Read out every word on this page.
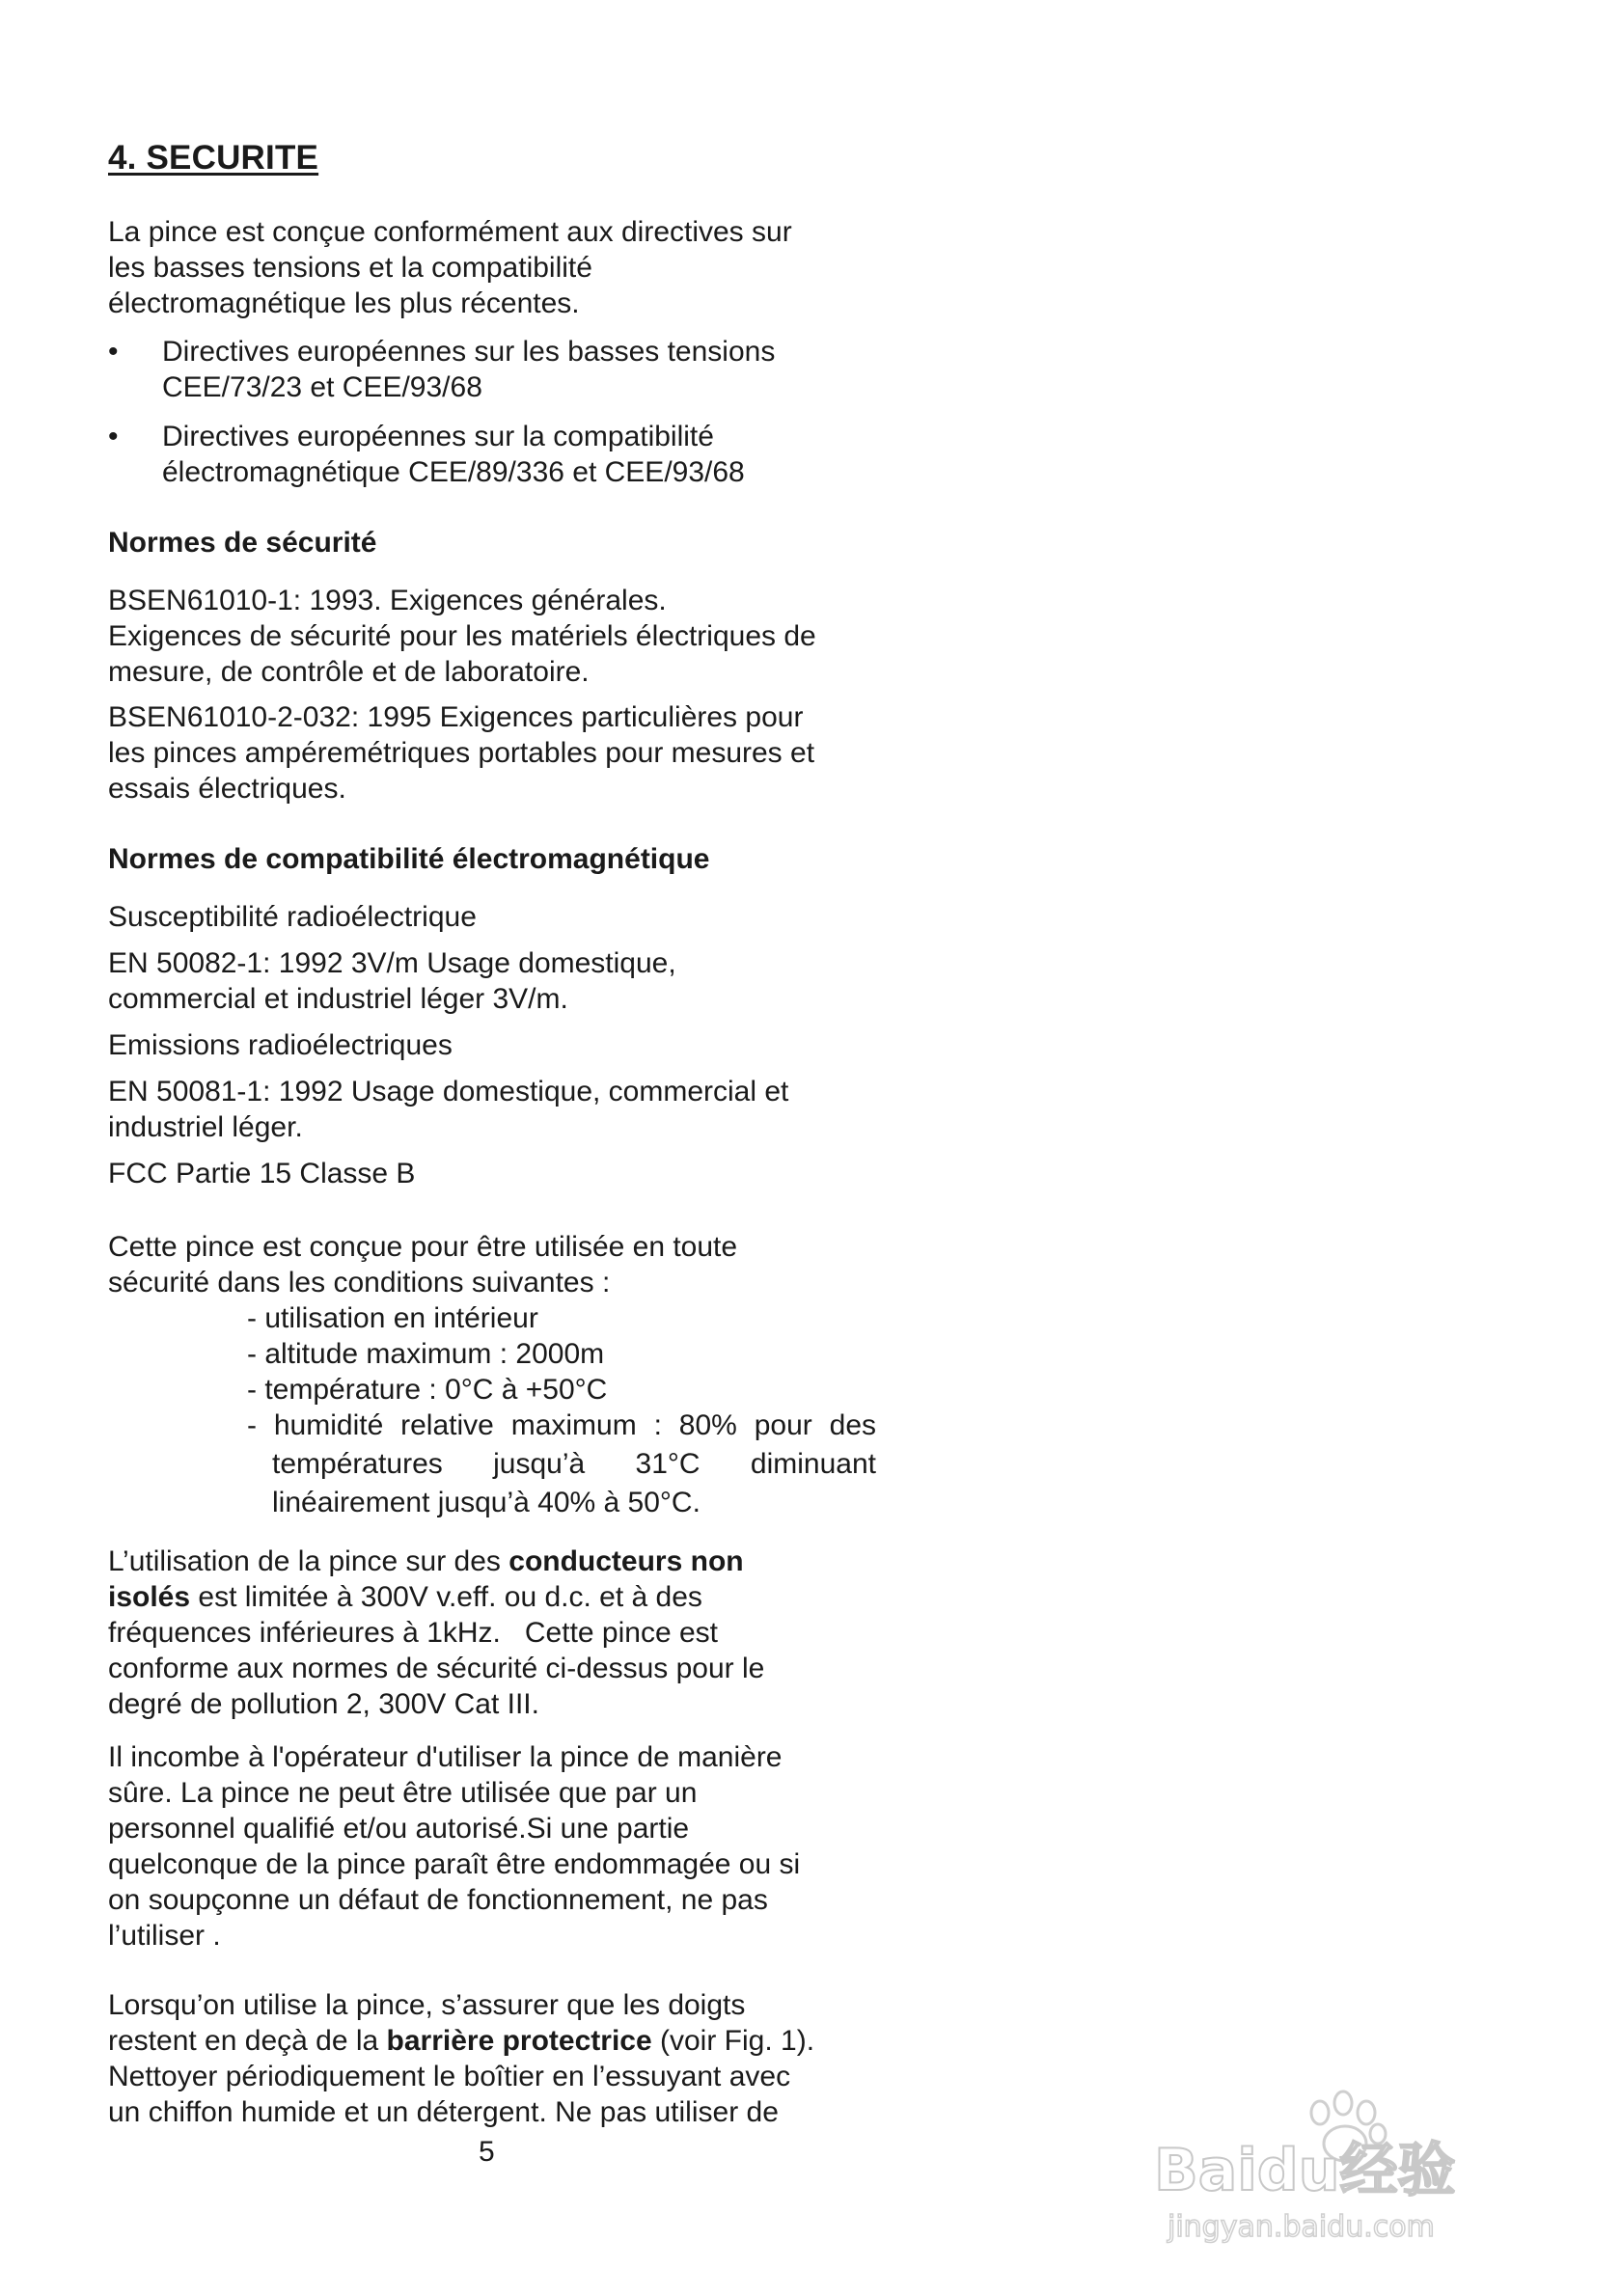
4. SECURITE
La pince est conçue conformément aux directives sur
les basses tensions et la compatibilité
électromagnétique les plus récentes.
•	Directives européennes sur les basses tensions
CEE/73/23 et CEE/93/68
•	Directives européennes sur la compatibilité
électromagnétique CEE/89/336 et CEE/93/68
Normes de sécurité
BSEN61010-1: 1993. Exigences générales.
Exigences de sécurité pour les matériels électriques de
mesure, de contrôle et de laboratoire.
BSEN61010-2-032: 1995 Exigences particulières pour
les pinces ampéremétriques portables pour mesures et
essais électriques.
Normes de compatibilité électromagnétique
Susceptibilité radioélectrique
EN 50082-1: 1992 3V/m Usage domestique,
commercial et industriel léger 3V/m.
Emissions radioélectriques
EN 50081-1: 1992 Usage domestique, commercial et
industriel léger.
FCC Partie 15 Classe B
Cette pince est conçue pour être utilisée en toute
sécurité dans les conditions suivantes :
- utilisation en intérieur
- altitude maximum : 2000m
- température : 0°C à +50°C
- humidité relative maximum : 80% pour des
températures jusqu’à 31°C diminuant
linéairement jusqu’à 40% à 50°C.
L’utilisation de la pince sur des conducteurs non
isolés est limitée à 300V v.eff. ou d.c. et à des
fréquences inférieures à 1kHz.   Cette pince est
conforme aux normes de sécurité ci-dessus pour le
degré de pollution 2, 300V Cat III.
Il incombe à l'opérateur d'utiliser la pince de manière
sûre. La pince ne peut être utilisée que par un
personnel qualifié et/ou autorisé.Si une partie
quelconque de la pince paraît être endommagée ou si
on soupçonne un défaut de fonctionnement, ne pas
l’utiliser .
Lorsqu’on utilise la pince, s’assurer que les doigts
restent en deçà de la barrière protectrice (voir Fig. 1).
Nettoyer périodiquement le boîtier en l’essuyant avec
un chiffon humide et un détergent. Ne pas utiliser de
5	Baidu经验
jingyan.baidu.com
